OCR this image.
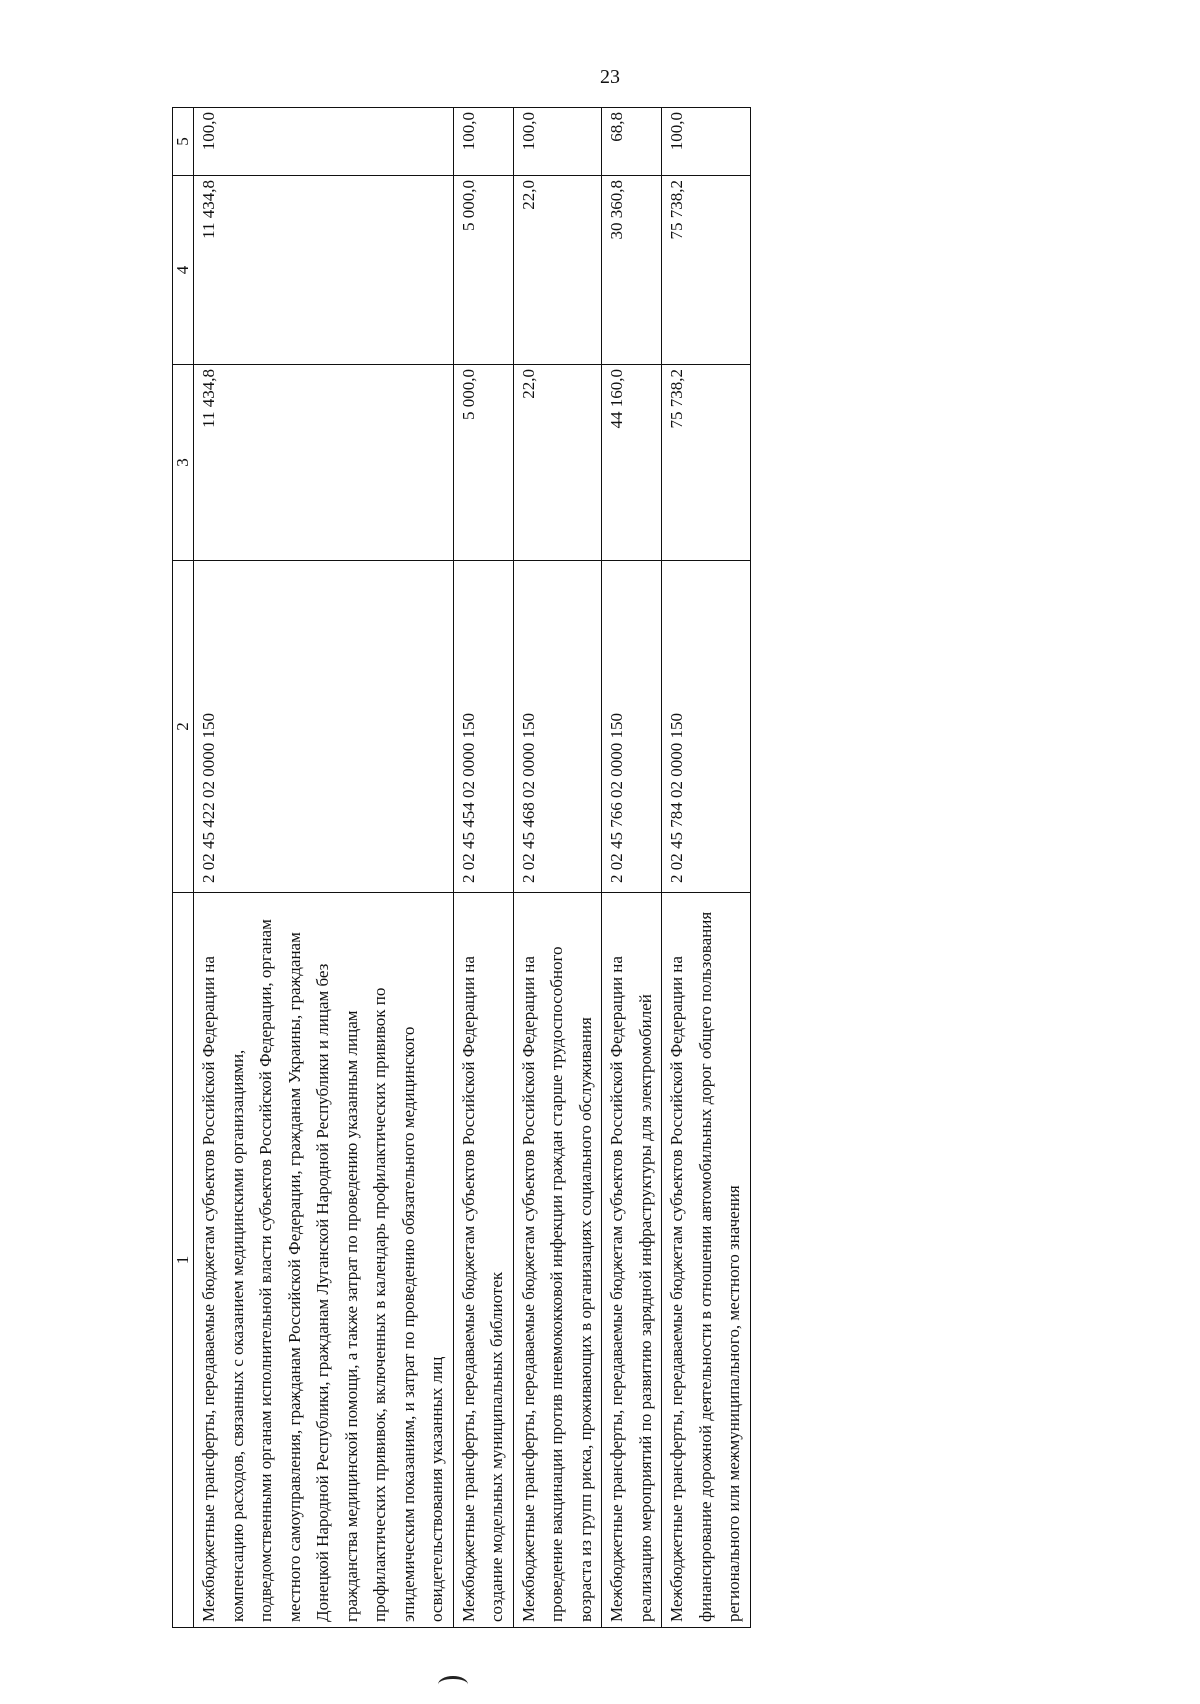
23
1	2	3	4	5
Межбюджетные трансферты, передаваемые бюджетам субъектов Российской Федерации на компенсацию расходов, связанных с оказанием медицинскими организациями, подведомственными органам исполнительной власти субъектов Российской Федерации, органам местного самоуправления, гражданам Российской Федерации, гражданам Украины, гражданам Донецкой Народной Республики, гражданам Луганской Народной Республики и лицам без гражданства медицинской помощи, а также затрат по проведению указанным лицам профилактических прививок, включенных в календарь профилактических прививок по эпидемическим показаниям, и затрат по проведению обязательного медицинского освидетельствования указанных лиц	2 02 45 422 02 0000 150	11 434,8	11 434,8	100,0
Межбюджетные трансферты, передаваемые бюджетам субъектов Российской Федерации на создание модельных муниципальных библиотек	2 02 45 454 02 0000 150	5 000,0	5 000,0	100,0
Межбюджетные трансферты, передаваемые бюджетам субъектов Российской Федерации на проведение вакцинации против пневмококковой инфекции граждан старше трудоспособного возраста из групп риска, проживающих в организациях социального обслуживания	2 02 45 468 02 0000 150	22,0	22,0	100,0
Межбюджетные трансферты, передаваемые бюджетам субъектов Российской Федерации на реализацию мероприятий по развитию зарядной инфраструктуры для электромобилей	2 02 45 766 02 0000 150	44 160,0	30 360,8	68,8
Межбюджетные трансферты, передаваемые бюджетам субъектов Российской Федерации на финансирование дорожной деятельности в отношении автомобильных дорог общего пользования регионального или межмуниципального, местного значения	2 02 45 784 02 0000 150	75 738,2	75 738,2	100,0
